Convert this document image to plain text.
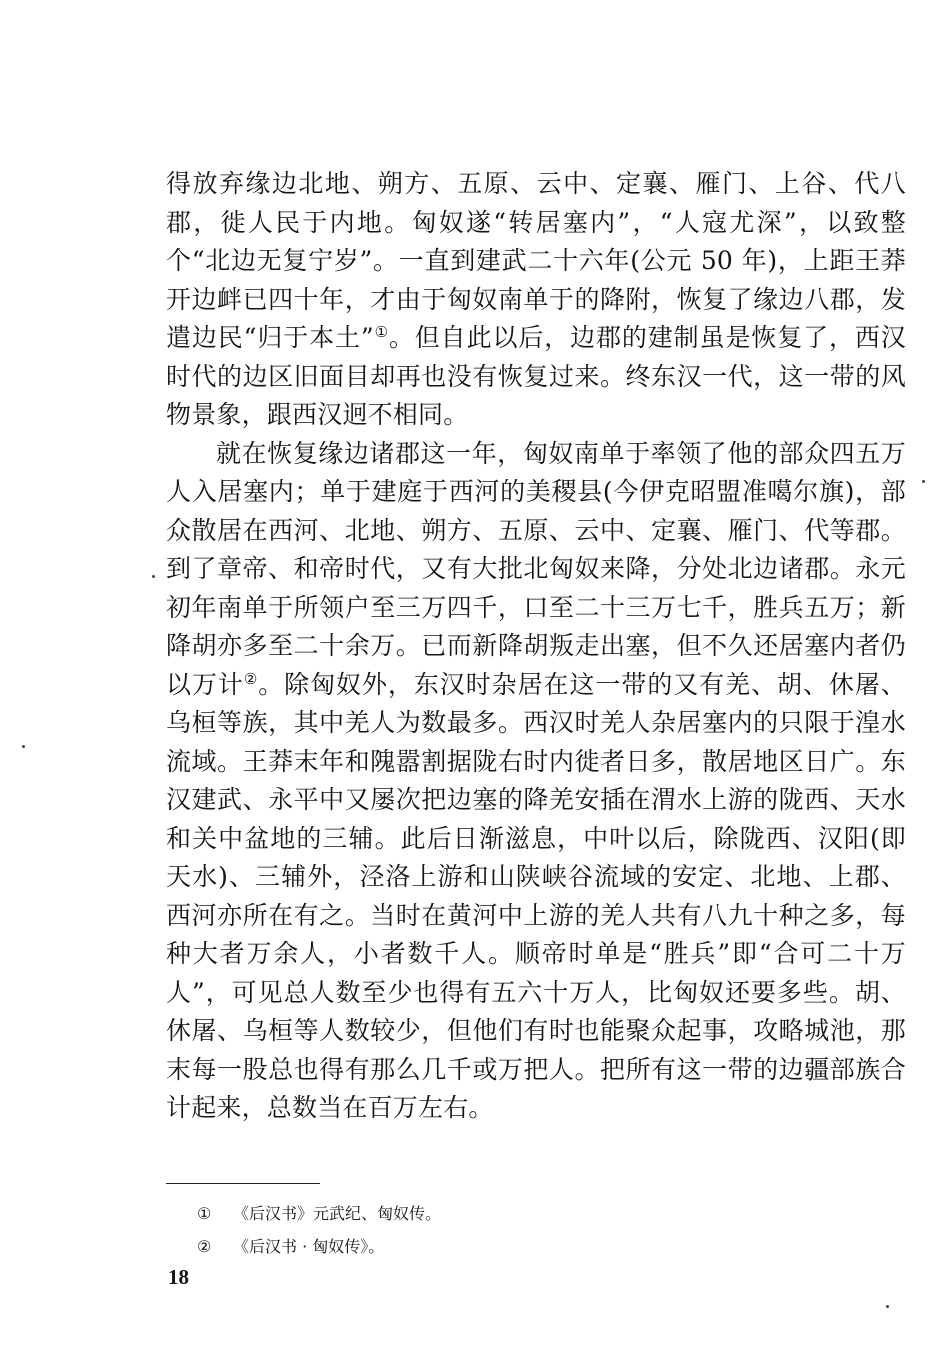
得放弃缘边北地、朔方、五原、云中、定襄、雁门、上谷、代八郡，徙人民于内地。匈奴遂“转居塞内”，“人寇尤深”，以致整个“北边无复宁岁”。一直到建武二十六年(公元 50 年)，上距王莽开边衅已四十年，才由于匈奴南单于的降附，恢复了缘边八郡，发遣边民“归于本土”①。但自此以后，边郡的建制虽是恢复了，西汉时代的边区旧面目却再也没有恢复过来。终东汉一代，这一带的风物景象，跟西汉迥不相同。

就在恢复缘边诸郡这一年，匈奴南单于率领了他的部众四五万人入居塞内；单于建庭于西河的美稷县(今伊克昭盟准噶尔旗)，部众散居在西河、北地、朔方、五原、云中、定襄、雁门、代等郡。到了章帝、和帝时代，又有大批北匈奴来降，分处北边诸郡。永元初年南单于所领户至三万四千，口至二十三万七千，胜兵五万；新降胡亦多至二十余万。已而新降胡叛走出塞，但不久还居塞内者仍以万计②。除匈奴外，东汉时杂居在这一带的又有羌、胡、休屠、乌桓等族，其中羌人为数最多。西汉时羌人杂居塞内的只限于湟水流域。王莽末年和隗嚣割据陇右时内徙者日多，散居地区日广。东汉建武、永平中又屡次把边塞的降羌安插在渭水上游的陇西、天水和关中盆地的三辅。此后日渐滋息，中叶以后，除陇西、汉阳(即天水)、三辅外，泾洛上游和山陕峡谷流域的安定、北地、上郡、西河亦所在有之。当时在黄河中上游的羌人共有八九十种之多，每种大者万余人，小者数千人。顺帝时单是“胜兵”即“合可二十万人”，可见总人数至少也得有五六十万人，比匈奴还要多些。胡、休屠、乌桓等人数较少，但他们有时也能聚众起事，攻略城池，那末每一股总也得有那么几千或万把人。把所有这一带的边疆部族合计起来，总数当在百万左右。

① 《后汉书》元武纪、匈奴传。
② 《后汉书 · 匈奴传》。
18
